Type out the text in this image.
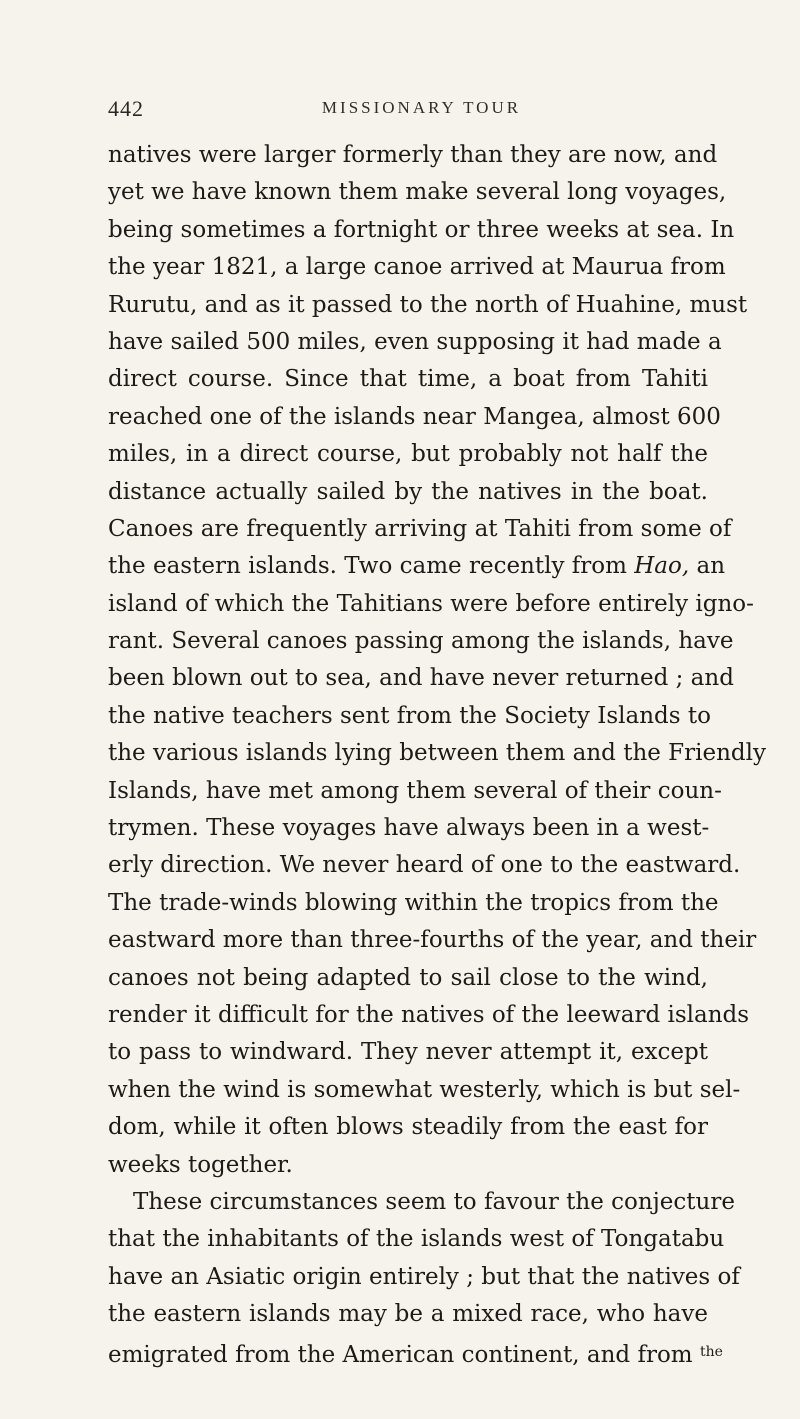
442	MISSIONARY TOUR
natives were larger formerly than they are now, and
yet we have known them make several long voyages,
being sometimes a fortnight or three weeks at sea. In
the year 1821, a large canoe arrived at Maurua from
Rurutu, and as it passed to the north of Huahine, must
have sailed 500 miles, even supposing it had made a
direct course. Since that time, a boat from Tahiti
reached one of the islands near Mangea, almost 600
miles, in a direct course, but probably not half the
distance actually sailed by the natives in the boat.
Canoes are frequently arriving at Tahiti from some of
the eastern islands. Two came recently from Hao, an
island of which the Tahitians were before entirely igno-
rant. Several canoes passing among the islands, have
been blown out to sea, and have never returned ; and
the native teachers sent from the Society Islands to
the various islands lying between them and the Friendly
Islands, have met among them several of their coun-
trymen. These voyages have always been in a west-
erly direction. We never heard of one to the eastward.
The trade-winds blowing within the tropics from the
eastward more than three-fourths of the year, and their
canoes not being adapted to sail close to the wind,
render it difficult for the natives of the leeward islands
to pass to windward. They never attempt it, except
when the wind is somewhat westerly, which is but sel-
dom, while it often blows steadily from the east for
weeks together.
These circumstances seem to favour the conjecture
that the inhabitants of the islands west of Tongatabu
have an Asiatic origin entirely ; but that the natives of
the eastern islands may be a mixed race, who have
emigrated from the American continent, and from $^{the}$
